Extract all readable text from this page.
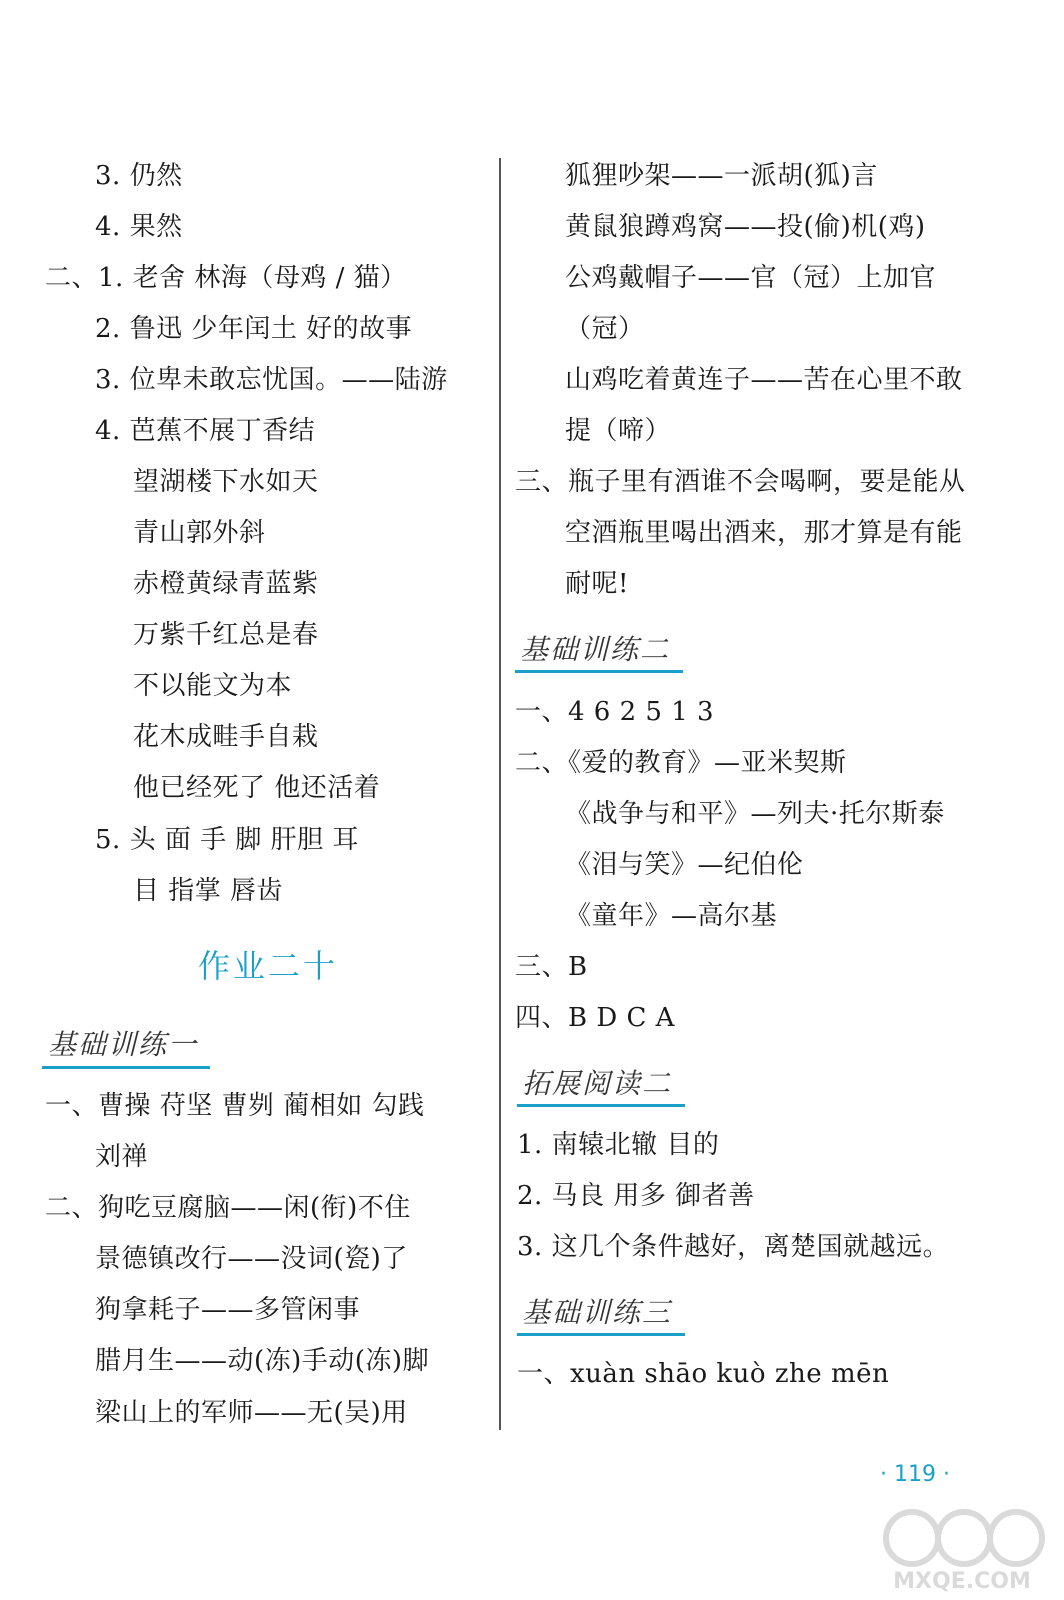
3. 仍然
4. 果然
二、1. 老舍 林海（母鸡 / 猫）
2. 鲁迅 少年闰土 好的故事
3. 位卑未敢忘忧国。——陆游
4. 芭蕉不展丁香结
望湖楼下水如天
青山郭外斜
赤橙黄绿青蓝紫
万紫千红总是春
不以能文为本
花木成畦手自栽
他已经死了 他还活着
5. 头 面 手 脚 肝胆 耳
目 指掌 唇齿
作业二十
基础训练一
一、曹操 苻坚 曹刿 蔺相如 勾践
刘禅
二、狗吃豆腐脑——闲(衔)不住
景德镇改行——没词(瓷)了
狗拿耗子——多管闲事
腊月生——动(冻)手动(冻)脚
梁山上的军师——无(吴)用
狐狸吵架——一派胡(狐)言
黄鼠狼蹲鸡窝——投(偷)机(鸡)
公鸡戴帽子——官（冠）上加官
（冠）
山鸡吃着黄连子——苦在心里不敢
提（啼）
三、瓶子里有酒谁不会喝啊，要是能从
空酒瓶里喝出酒来，那才算是有能
耐呢!
基础训练二
一、4 6 2 5 1 3
二、《爱的教育》—亚米契斯
《战争与和平》—列夫·托尔斯泰
《泪与笑》—纪伯伦
《童年》—高尔基
三、B
四、B D C A
拓展阅读二
1. 南辕北辙 目的
2. 马良 用多 御者善
3. 这几个条件越好，离楚国就越远。
基础训练三
一、xuàn shāo kuò zhe mēn
· 119 ·
MXQE.COM
